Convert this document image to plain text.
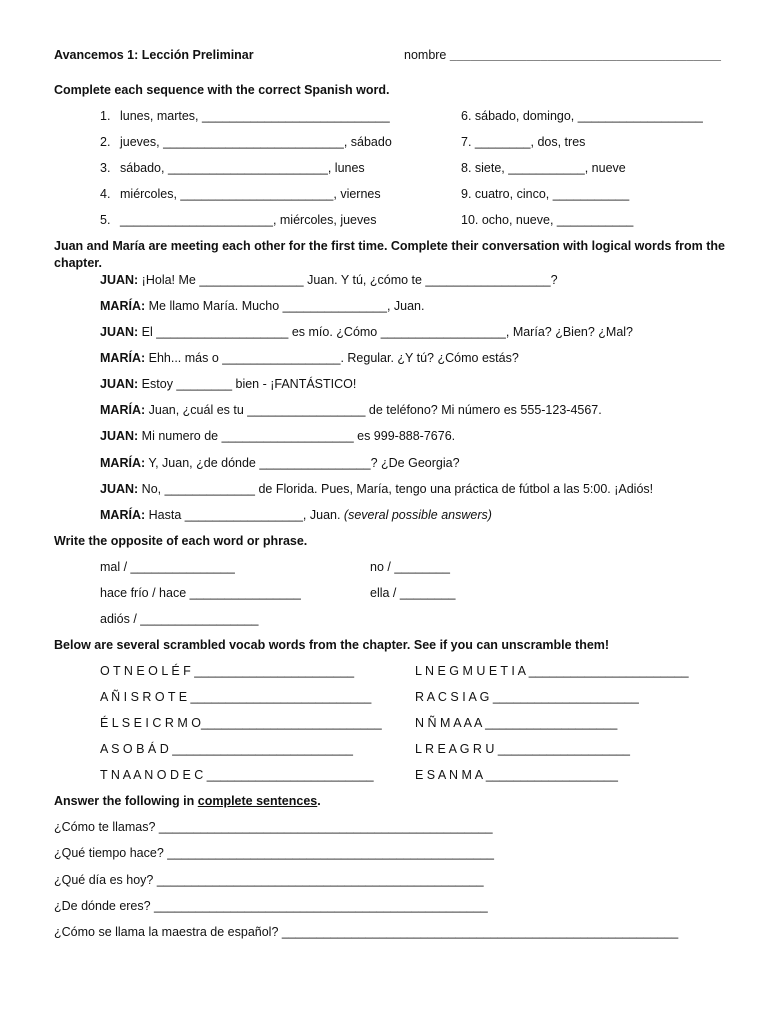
Avancemos 1: Lección Preliminar	nombre _______________________________________
Complete each sequence with the correct Spanish word.
1. lunes, martes, ___________________________
2. jueves, __________________________, sábado
3. sábado, _______________________, lunes
4. miércoles, ______________________, viernes
5. ______________________, miércoles, jueves
6. sábado, domingo, __________________
7. ________, dos, tres
8. siete, ___________, nueve
9. cuatro, cinco, ___________
10. ocho, nueve, ___________
Juan and María are meeting each other for the first time. Complete their conversation with logical words from the
chapter.
JUAN: ¡Hola! Me _______________ Juan. Y tú, ¿cómo te __________________?
MARÍA: Me llamo María. Mucho _______________, Juan.
JUAN: El ___________________ es mío. ¿Cómo __________________, María? ¿Bien? ¿Mal?
MARÍA: Ehh... más o _________________. Regular. ¿Y tú? ¿Cómo estás?
JUAN: Estoy ________ bien - ¡FANTÁSTICO!
MARÍA: Juan, ¿cuál es tu _________________ de teléfono? Mi número es 555-123-4567.
JUAN: Mi numero de ___________________ es 999-888-7676.
MARÍA: Y, Juan, ¿de dónde ________________? ¿De Georgia?
JUAN: No, _____________ de Florida. Pues, María, tengo una práctica de fútbol a las 5:00. ¡Adiós!
MARÍA: Hasta _________________, Juan. (several possible answers)
Write the opposite of each word or phrase.
mal / _______________
hace frío / hace ________________
adiós / _________________
no / ________
ella / ________
Below are several scrambled vocab words from the chapter. See if you can unscramble them!
O T N E O L É F _______________________
A Ñ I S R O T E __________________________
É L S E I C R M O__________________________
A S O B Á D __________________________
T N A A N O D E C ________________________
L N E G M U E T I A _______________________
R A C S I A G _____________________
N Ñ M A A A ___________________
L R E A G R U ___________________
E S A N M A ___________________
Answer the following in complete sentences.
¿Cómo te llamas? ________________________________________________
¿Qué tiempo hace? _______________________________________________
¿Qué día es hoy? _______________________________________________
¿De dónde eres? ________________________________________________
¿Cómo se llama la maestra de español? _________________________________________________________
